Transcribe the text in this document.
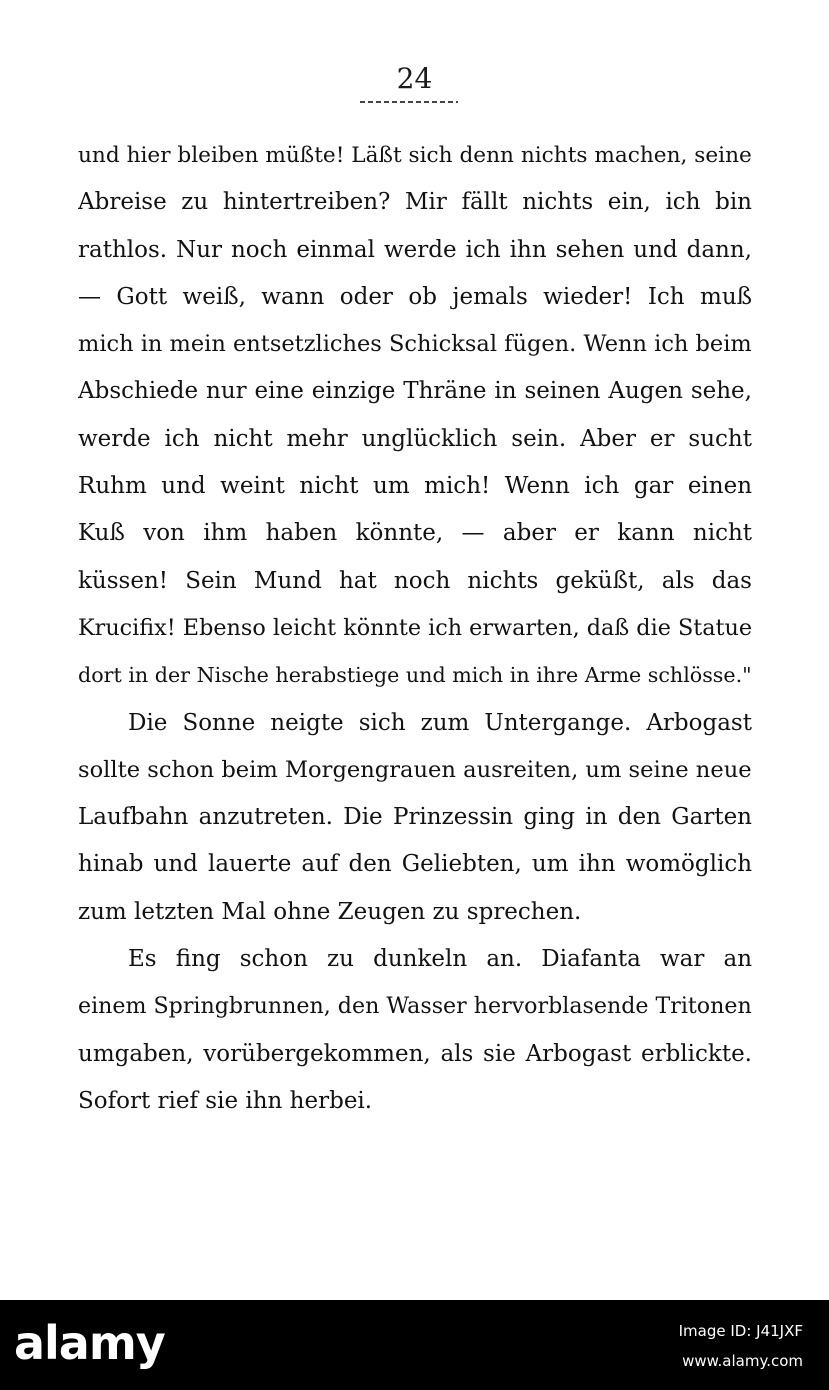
24

und hier bleiben müßte! Läßt sich denn nichts machen, seine
Abreise zu hintertreiben? Mir fällt nichts ein, ich bin
rathlos. Nur noch einmal werde ich ihn sehen und dann,
— Gott weiß, wann oder ob jemals wieder! Ich muß
mich in mein entsetzliches Schicksal fügen. Wenn ich beim
Abschiede nur eine einzige Thräne in seinen Augen sehe,
werde ich nicht mehr unglücklich sein. Aber er sucht
Ruhm und weint nicht um mich! Wenn ich gar einen
Kuß von ihm haben könnte, — aber er kann nicht
küssen! Sein Mund hat noch nichts geküßt, als das
Krucifix! Ebenso leicht könnte ich erwarten, daß die Statue
dort in der Nische herabstiege und mich in ihre Arme schlösse."

Die Sonne neigte sich zum Untergange. Arbogast
sollte schon beim Morgengrauen ausreiten, um seine neue
Laufbahn anzutreten. Die Prinzessin ging in den Garten
hinab und lauerte auf den Geliebten, um ihn womöglich
zum letzten Mal ohne Zeugen zu sprechen.

Es fing schon zu dunkeln an. Diafanta war an
einem Springbrunnen, den Wasser hervorblasende Tritonen
umgaben, vorübergekommen, als sie Arbogast erblickte.
Sofort rief sie ihn herbei.

alamy	Image ID: J41JXF
www.alamy.com
